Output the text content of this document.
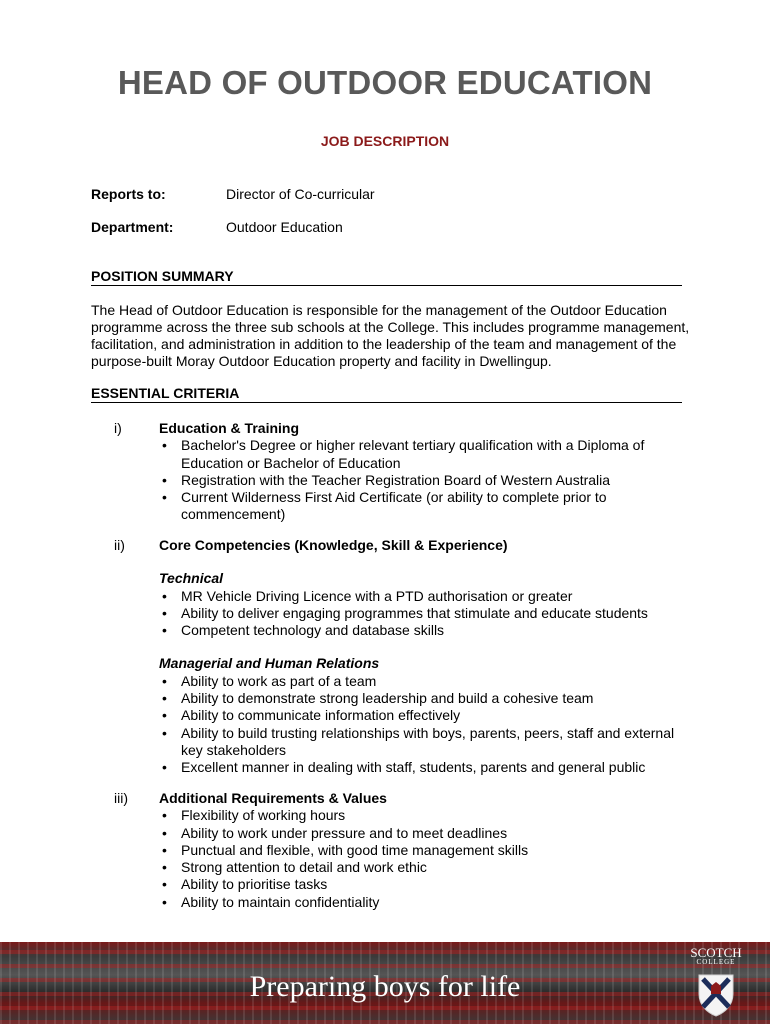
HEAD OF OUTDOOR EDUCATION
JOB DESCRIPTION
Reports to:	Director of Co-curricular
Department:	Outdoor Education
POSITION SUMMARY
The Head of Outdoor Education is responsible for the management of the Outdoor Education programme across the three sub schools at the College. This includes programme management, facilitation, and administration in addition to the leadership of the team and management of the purpose-built Moray Outdoor Education property and facility in Dwellingup.
ESSENTIAL CRITERIA
i)	Education & Training
• Bachelor's Degree or higher relevant tertiary qualification with a Diploma of Education or Bachelor of Education
• Registration with the Teacher Registration Board of Western Australia
• Current Wilderness First Aid Certificate (or ability to complete prior to commencement)
ii) Core Competencies (Knowledge, Skill & Experience)
Technical
• MR Vehicle Driving Licence with a PTD authorisation or greater
• Ability to deliver engaging programmes that stimulate and educate students
• Competent technology and database skills
Managerial and Human Relations
• Ability to work as part of a team
• Ability to demonstrate strong leadership and build a cohesive team
• Ability to communicate information effectively
• Ability to build trusting relationships with boys, parents, peers, staff and external key stakeholders
• Excellent manner in dealing with staff, students, parents and general public
iii) Additional Requirements & Values
• Flexibility of working hours
• Ability to work under pressure and to meet deadlines
• Punctual and flexible, with good time management skills
• Strong attention to detail and work ethic
• Ability to prioritise tasks
• Ability to maintain confidentiality
Preparing boys for life
SCOTCH
COLLEGE
